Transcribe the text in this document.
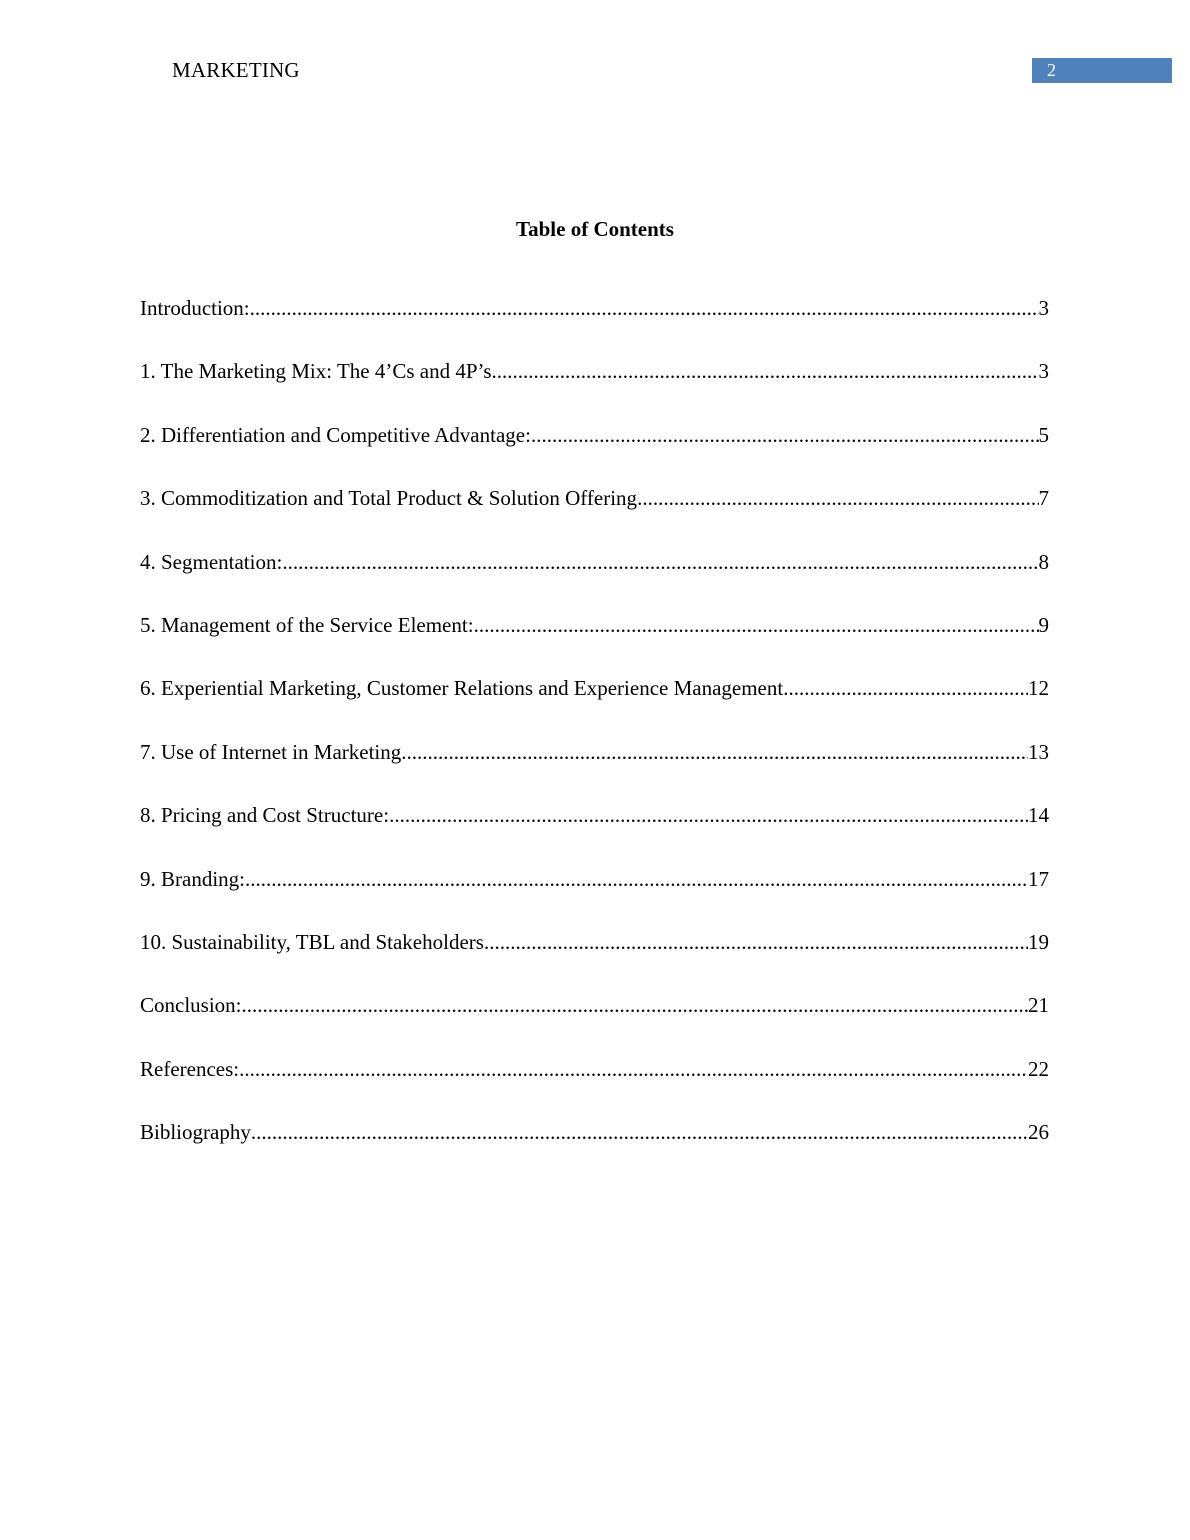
MARKETING	2
Table of Contents
Introduction: .....	3
1. The Marketing Mix: The 4’Cs and 4P’s .....	3
2. Differentiation and Competitive Advantage: .....	5
3. Commoditization and Total Product & Solution Offering .....	7
4. Segmentation: .....	8
5. Management of the Service Element: .....	9
6. Experiential Marketing, Customer Relations and Experience Management .....	12
7. Use of Internet in Marketing .....	13
8. Pricing and Cost Structure: .....	14
9. Branding: .....	17
10. Sustainability, TBL and Stakeholders .....	19
Conclusion: .....	21
References: .....	22
Bibliography .....	26
